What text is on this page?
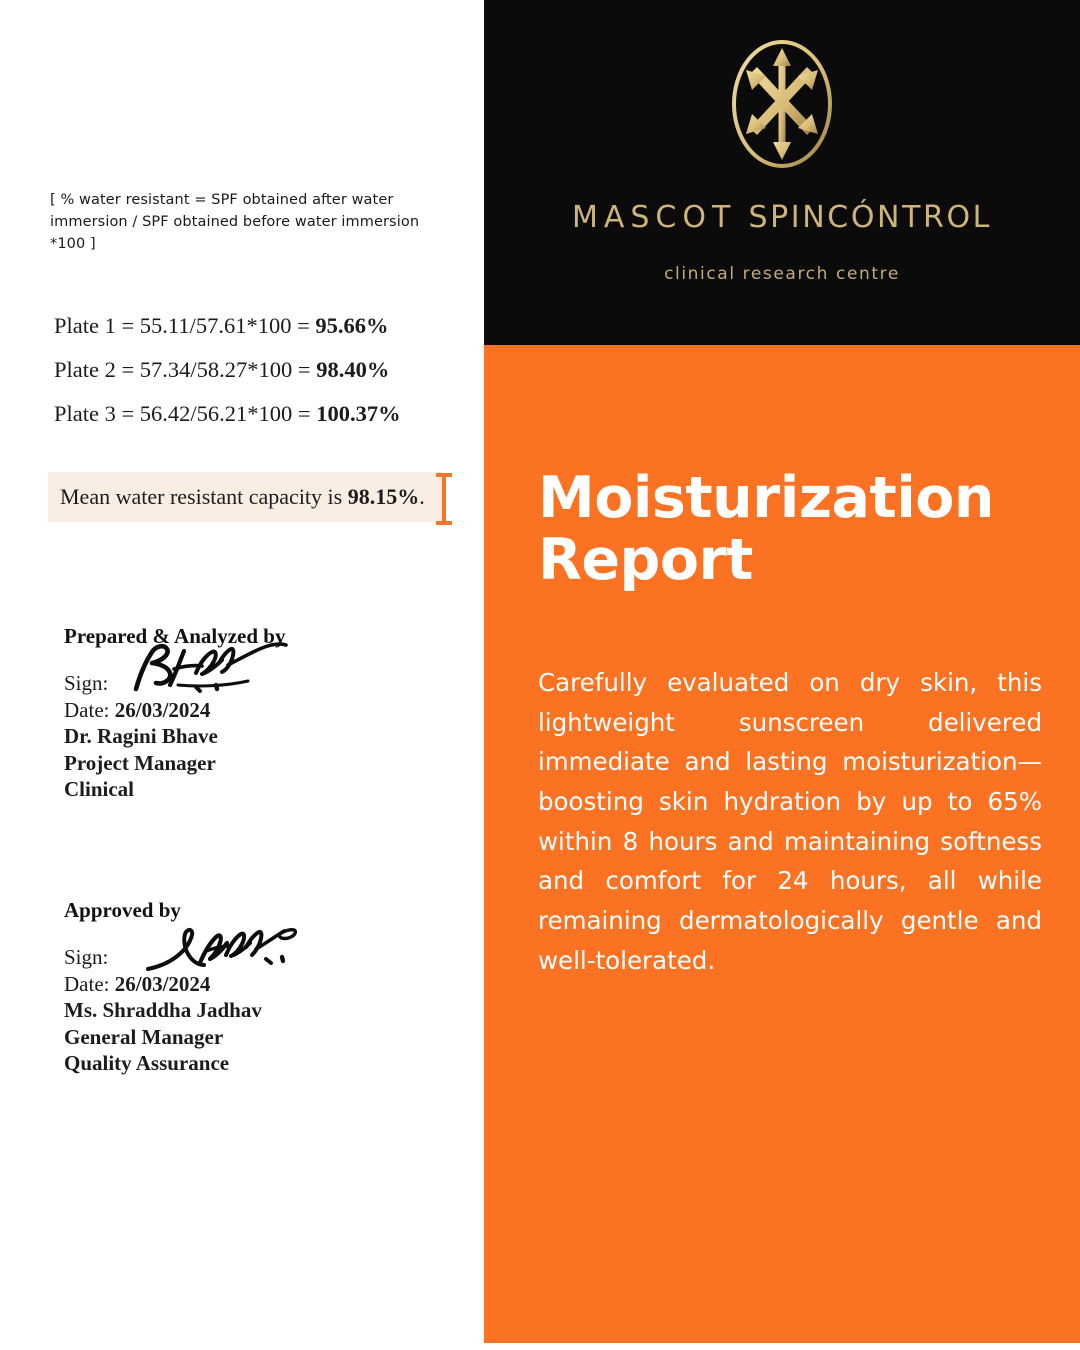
[ % water resistant = SPF obtained after water immersion / SPF obtained before water immersion *100 ]
Plate 1 = 55.11/57.61*100 = 95.66%
Plate 2 = 57.34/58.27*100 = 98.40%
Plate 3 = 56.42/56.21*100 = 100.37%
Mean water resistant capacity is 98.15%.
Prepared & Analyzed by
Sign:
Date: 26/03/2024
Dr. Ragini Bhave
Project Manager
Clinical
Approved by
Sign:
Date: 26/03/2024
Ms. Shraddha Jadhav
General Manager
Quality Assurance
MASCOT SPINCÓNTROL
clinical research centre
Moisturization Report
Carefully evaluated on dry skin, this lightweight sunscreen delivered immediate and lasting moisturization—boosting skin hydration by up to 65% within 8 hours and maintaining softness and comfort for 24 hours, all while remaining dermatologically gentle and well-tolerated.
